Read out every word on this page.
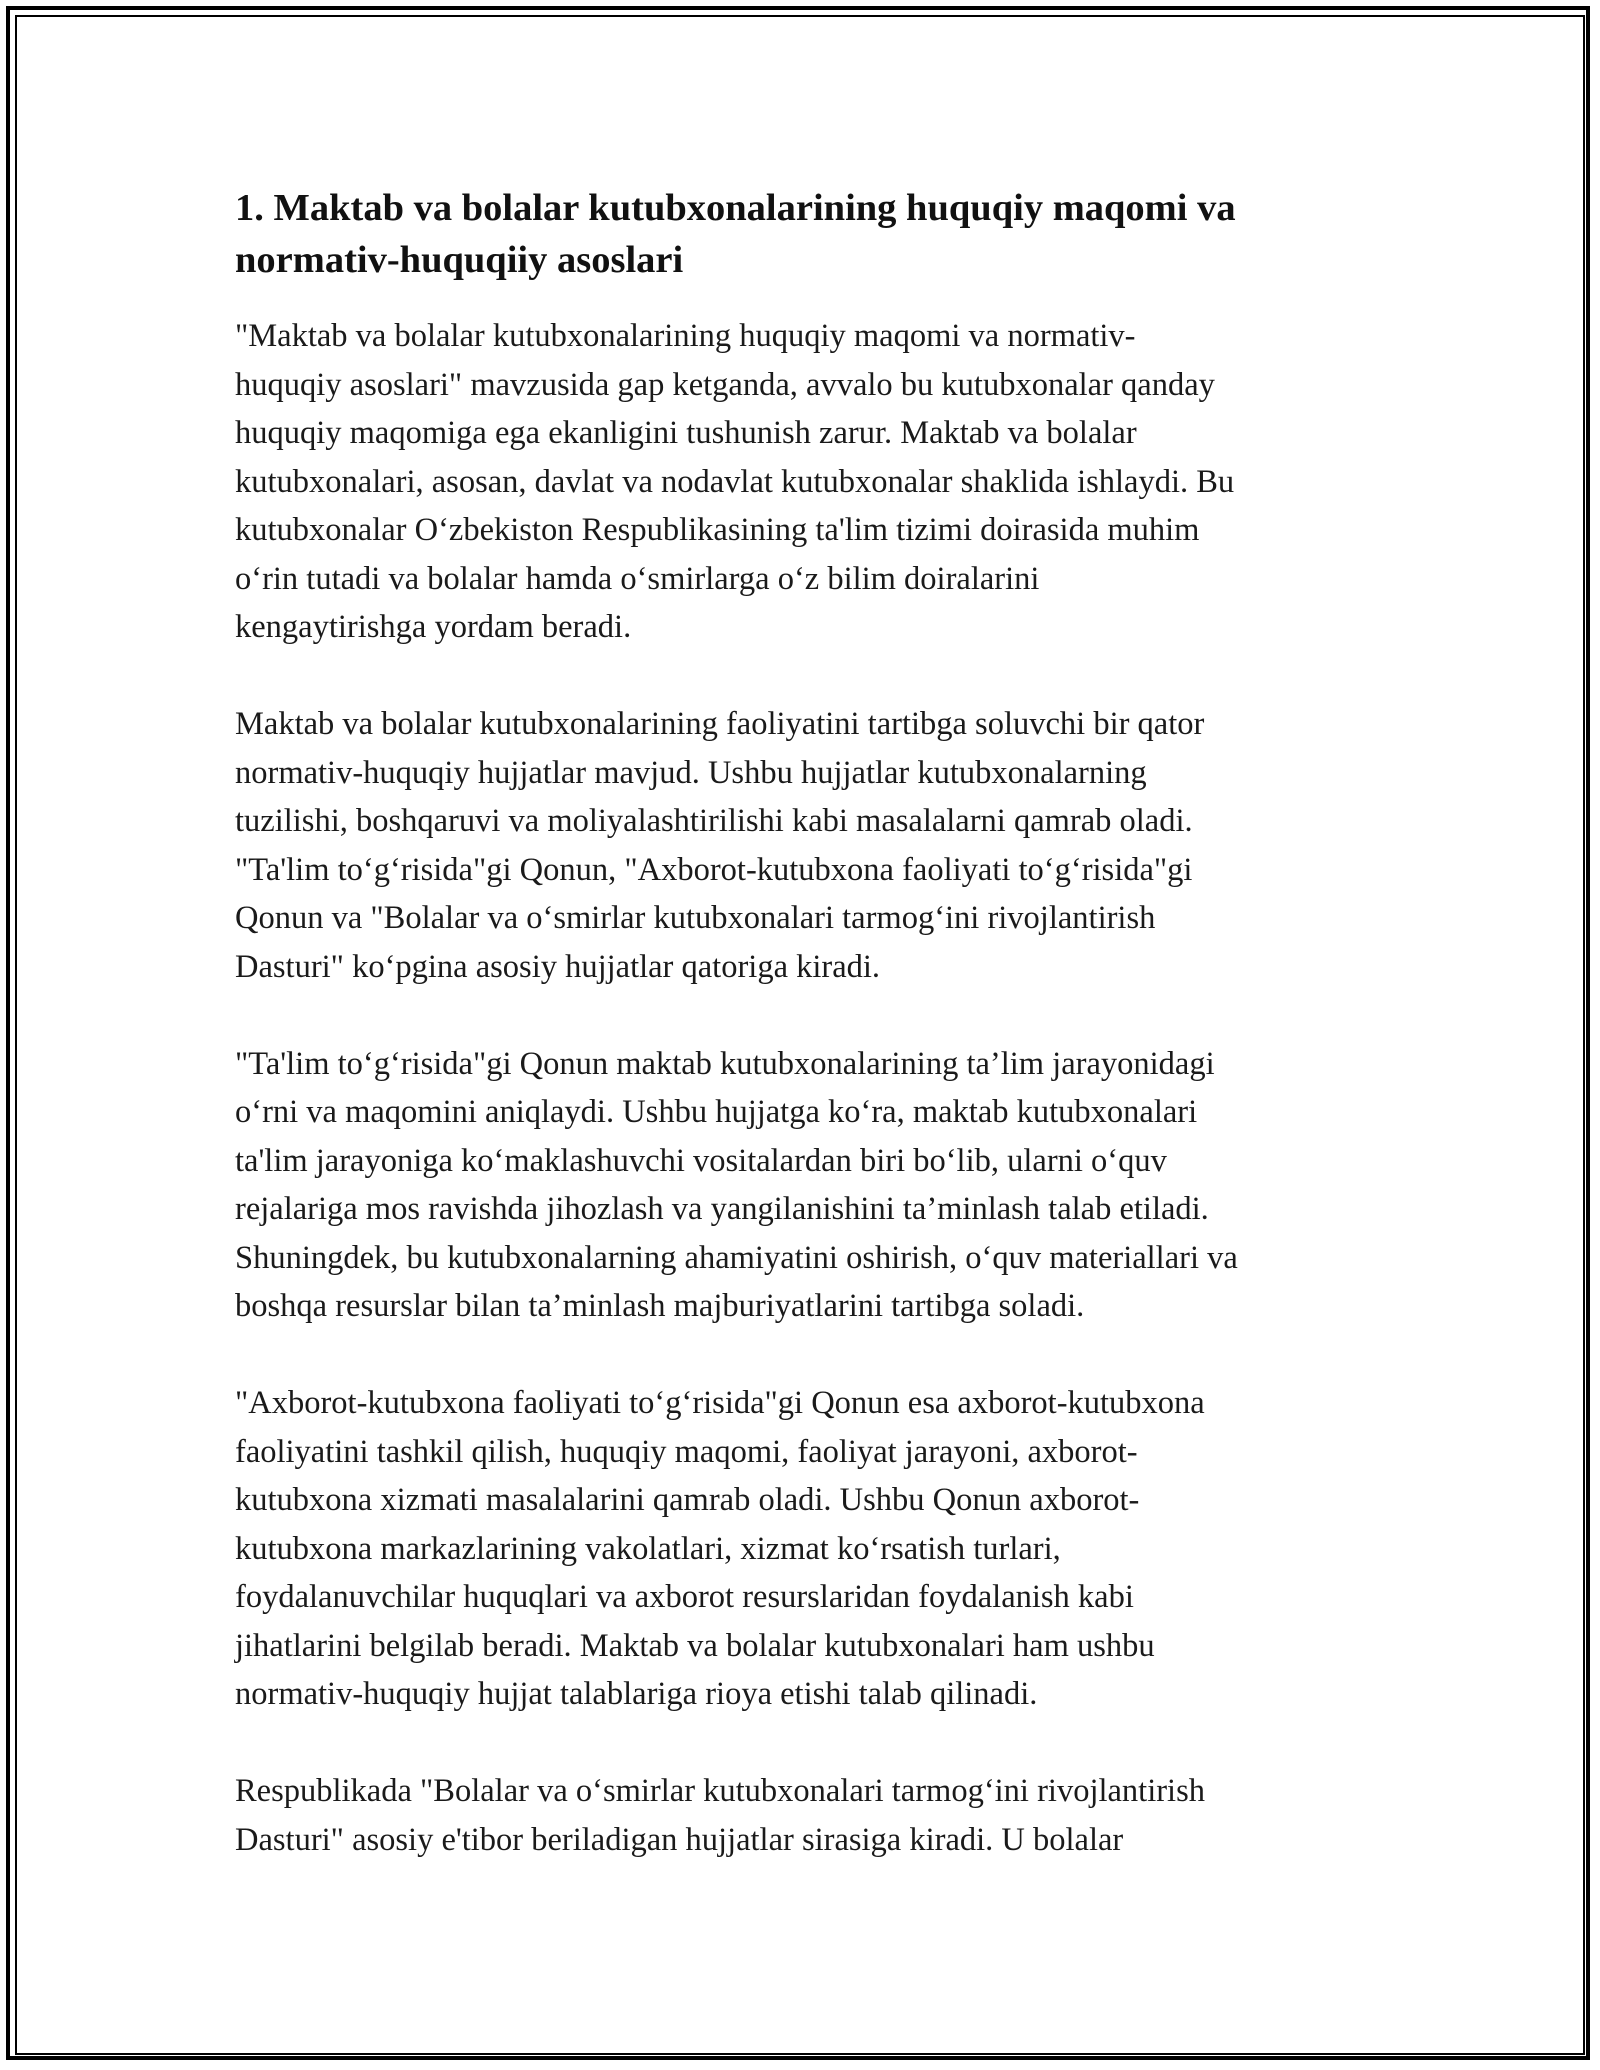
1. Maktab va bolalar kutubxonalarining huquqiy maqomi va
normativ-huquqiiy asoslari
"Maktab va bolalar kutubxonalarining huquqiy maqomi va normativ-
huquqiy asoslari" mavzusida gap ketganda, avvalo bu kutubxonalar qanday
huquqiy maqomiga ega ekanligini tushunish zarur. Maktab va bolalar
kutubxonalari, asosan, davlat va nodavlat kutubxonalar shaklida ishlaydi. Bu
kutubxonalar O‘zbekiston Respublikasining ta'lim tizimi doirasida muhim
o‘rin tutadi va bolalar hamda o‘smirlarga o‘z bilim doiralarini
kengaytirishga yordam beradi.
Maktab va bolalar kutubxonalarining faoliyatini tartibga soluvchi bir qator
normativ-huquqiy hujjatlar mavjud. Ushbu hujjatlar kutubxonalarning
tuzilishi, boshqaruvi va moliyalashtirilishi kabi masalalarni qamrab oladi.
"Ta'lim to‘g‘risida"gi Qonun, "Axborot-kutubxona faoliyati to‘g‘risida"gi
Qonun va "Bolalar va o‘smirlar kutubxonalari tarmog‘ini rivojlantirish
Dasturi" ko‘pgina asosiy hujjatlar qatoriga kiradi.
"Ta'lim to‘g‘risida"gi Qonun maktab kutubxonalarining ta’lim jarayonidagi
o‘rni va maqomini aniqlaydi. Ushbu hujjatga ko‘ra, maktab kutubxonalari
ta'lim jarayoniga ko‘maklashuvchi vositalardan biri bo‘lib, ularni o‘quv
rejalariga mos ravishda jihozlash va yangilanishini ta’minlash talab etiladi.
Shuningdek, bu kutubxonalarning ahamiyatini oshirish, o‘quv materiallari va
boshqa resurslar bilan ta’minlash majburiyatlarini tartibga soladi.
"Axborot-kutubxona faoliyati to‘g‘risida"gi Qonun esa axborot-kutubxona
faoliyatini tashkil qilish, huquqiy maqomi, faoliyat jarayoni, axborot-
kutubxona xizmati masalalarini qamrab oladi. Ushbu Qonun axborot-
kutubxona markazlarining vakolatlari, xizmat ko‘rsatish turlari,
foydalanuvchilar huquqlari va axborot resurslaridan foydalanish kabi
jihatlarini belgilab beradi. Maktab va bolalar kutubxonalari ham ushbu
normativ-huquqiy hujjat talablariga rioya etishi talab qilinadi.
Respublikada "Bolalar va o‘smirlar kutubxonalari tarmog‘ini rivojlantirish
Dasturi" asosiy e'tibor beriladigan hujjatlar sirasiga kiradi. U bolalar
